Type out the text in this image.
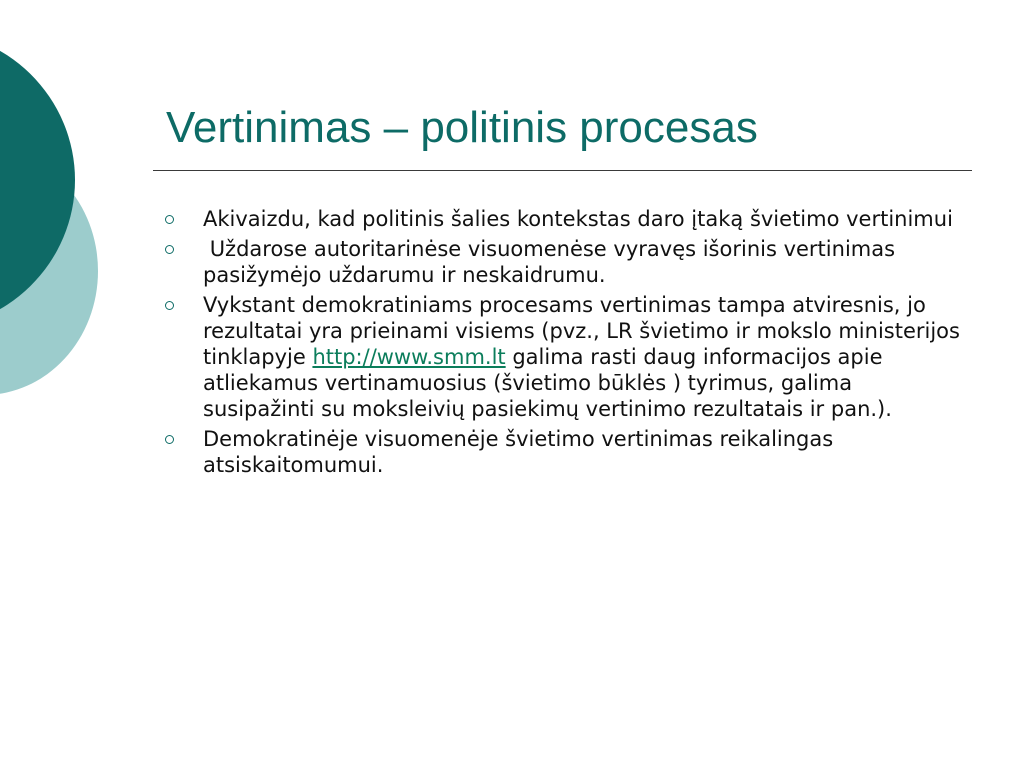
Vertinimas – politinis procesas
Akivaizdu, kad politinis šalies kontekstas daro įtaką švietimo vertinimui
Uždarose autoritarinėse visuomenėse vyravęs išorinis vertinimas pasižymėjo uždarumu ir neskaidrumu.
Vykstant demokratiniams procesams vertinimas tampa atviresnis, jo rezultatai yra prieinami visiems (pvz., LR švietimo ir mokslo ministerijos tinklapyje http://www.smm.lt galima rasti daug informacijos apie atliekamus vertinamuosius (švietimo būklės ) tyrimus, galima susipažinti su moksleivių pasiekimų vertinimo rezultatais ir pan.).
Demokratinėje visuomenėje švietimo vertinimas reikalingas atsiskaitomumui.
